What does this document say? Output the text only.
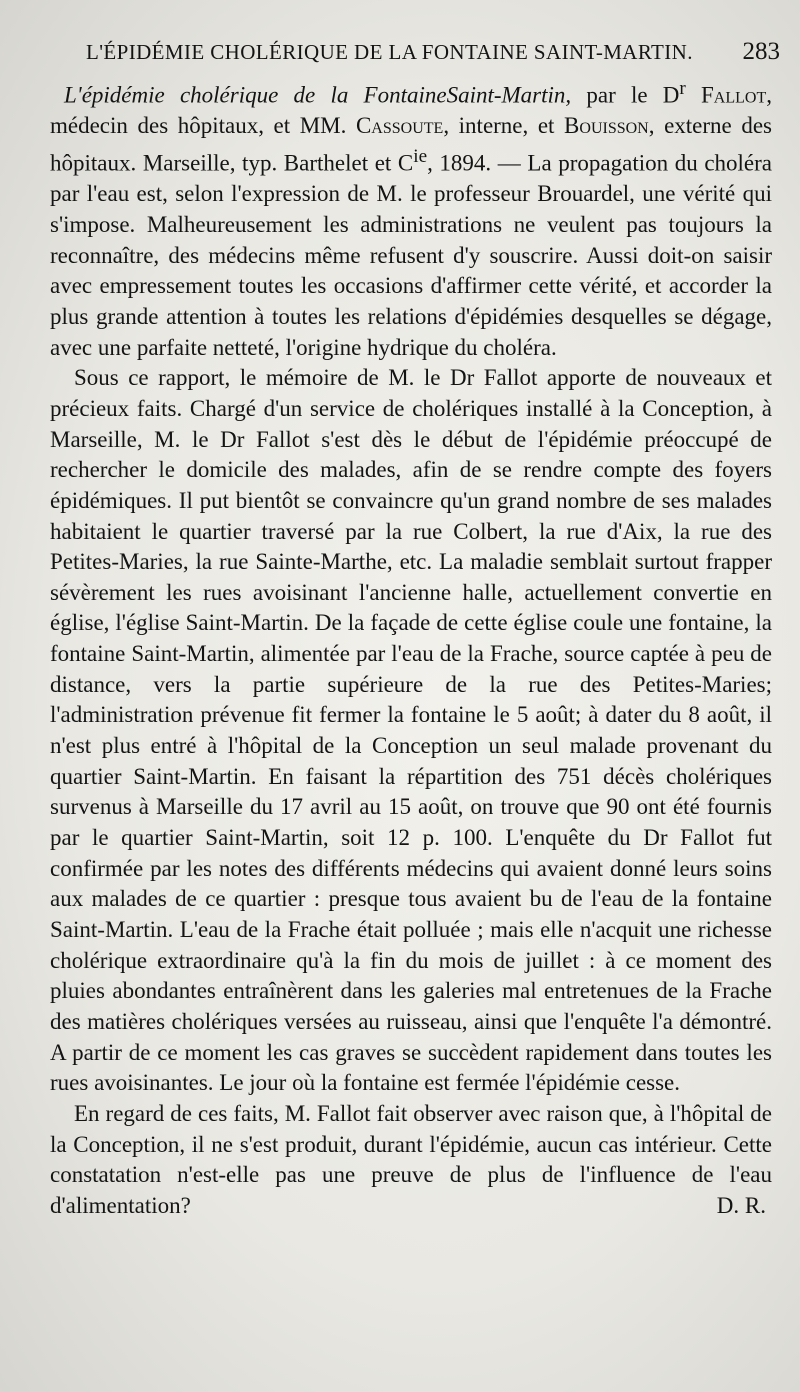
L'ÉPIDÉMIE CHOLÉRIQUE DE LA FONTAINE SAINT-MARTIN. 283

L'épidémie cholérique de la FontaineSaint-Martin, par le $D^r$ Fallot, médecin des hôpitaux, et MM. Cassoute, interne, et Bouisson, externe des hôpitaux. Marseille, typ. Barthelet et $C^{ie}$, 1894. — La propagation du choléra par l'eau est, selon l'expression de M. le professeur Brouardel, une vérité qui s'impose. Malheureusement les administrations ne veulent pas toujours la reconnaître, des médecins même refusent d'y souscrire. Aussi doit-on saisir avec empressement toutes les occasions d'affirmer cette vérité, et accorder la plus grande attention à toutes les relations d'épidémies desquelles se dégage, avec une parfaite netteté, l'origine hydrique du choléra.

Sous ce rapport, le mémoire de M. le Dr Fallot apporte de nouveaux et précieux faits. Chargé d'un service de cholériques installé à la Conception, à Marseille, M. le Dr Fallot s'est dès le début de l'épidémie préoccupé de rechercher le domicile des malades, afin de se rendre compte des foyers épidémiques. Il put bientôt se convaincre qu'un grand nombre de ses malades habitaient le quartier traversé par la rue Colbert, la rue d'Aix, la rue des Petites-Maries, la rue Sainte-Marthe, etc. La maladie semblait surtout frapper sévèrement les rues avoisinant l'ancienne halle, actuellement convertie en église, l'église Saint-Martin. De la façade de cette église coule une fontaine, la fontaine Saint-Martin, alimentée par l'eau de la Frache, source captée à peu de distance, vers la partie supérieure de la rue des Petites-Maries; l'administration prévenue fit fermer la fontaine le 5 août; à dater du 8 août, il n'est plus entré à l'hôpital de la Conception un seul malade provenant du quartier Saint-Martin. En faisant la répartition des 751 décès cholériques survenus à Marseille du 17 avril au 15 août, on trouve que 90 ont été fournis par le quartier Saint-Martin, soit 12 p. 100. L'enquête du Dr Fallot fut confirmée par les notes des différents médecins qui avaient donné leurs soins aux malades de ce quartier : presque tous avaient bu de l'eau de la fontaine Saint-Martin. L'eau de la Frache était polluée ; mais elle n'acquit une richesse cholérique extraordinaire qu'à la fin du mois de juillet : à ce moment des pluies abondantes entraînèrent dans les galeries mal entretenues de la Frache des matières cholériques versées au ruisseau, ainsi que l'enquête l'a démontré. A partir de ce moment les cas graves se succèdent rapidement dans toutes les rues avoisinantes. Le jour où la fontaine est fermée l'épidémie cesse.

En regard de ces faits, M. Fallot fait observer avec raison que, à l'hôpital de la Conception, il ne s'est produit, durant l'épidémie, aucun cas intérieur. Cette constatation n'est-elle pas une preuve de plus de l'influence de l'eau d'alimentation?	D. R.
